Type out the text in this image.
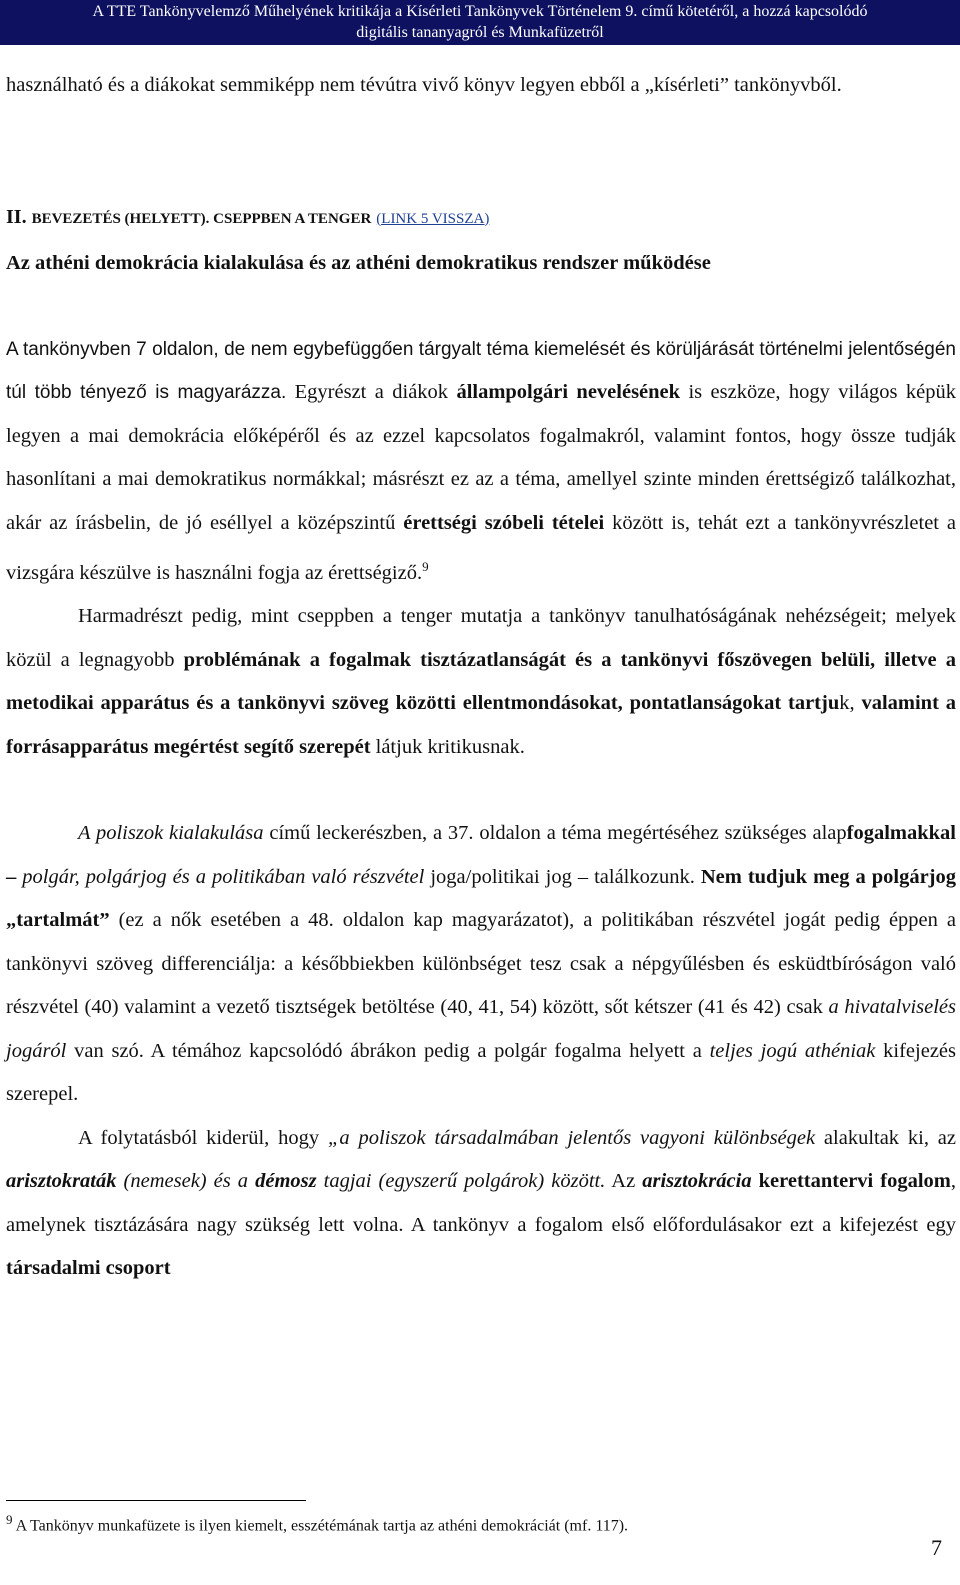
A TTE Tankönyvelemző Műhelyének kritikája a Kísérleti Tankönyvek Történelem 9. című kötetéről, a hozzá kapcsolódó
digitális tananyagról és Munkafüzetről

használható és a diákokat semmiképp nem tévútra vivő könyv legyen ebből a „kísérleti” tankönyvből.

II. BEVEZETÉS (HELYETT). CSEPPBEN A TENGER (LINK 5 VISSZA)
Az athéni demokrácia kialakulása és az athéni demokratikus rendszer működése

A tankönyvben 7 oldalon, de nem egybefüggően tárgyalt téma kiemelését és körüljárását történelmi jelentőségén túl több tényező is magyarázza. Egyrészt a diákok állampolgári nevelésének is eszköze, hogy világos képük legyen a mai demokrácia előképéről és az ezzel kapcsolatos fogalmakról, valamint fontos, hogy össze tudják hasonlítani a mai demokratikus normákkal; másrészt ez az a téma, amellyel szinte minden érettségiző találkozhat, akár az írásbelin, de jó eséllyel a középszintű érettségi szóbeli tételei között is, tehát ezt a tankönyvrészletet a vizsgára készülve is használni fogja az érettségiző.$^9$

Harmadrészt pedig, mint cseppben a tenger mutatja a tankönyv tanulhatóságának nehézségeit; melyek közül a legnagyobb problémának a fogalmak tisztázatlanságát és a tankönyvi főszövegen belüli, illetve a metodikai apparátus és a tankönyvi szöveg közötti ellentmondásokat, pontatlanságokat tartjuk, valamint a forrásapparátus megértést segítő szerepét látjuk kritikusnak.

A poliszok kialakulása című leckerészben, a 37. oldalon a téma megértéséhez szükséges alapfogalmakkal – polgár, polgárjog és a politikában való részvétel joga/politikai jog – találkozunk. Nem tudjuk meg a polgárjog „tartalmát” (ez a nők esetében a 48. oldalon kap magyarázatot), a politikában részvétel jogát pedig éppen a tankönyvi szöveg differenciálja: a későbbiekben különbséget tesz csak a népgyűlésben és esküdtbíróságon való részvétel (40) valamint a vezető tisztségek betöltése (40, 41, 54) között, sőt kétszer (41 és 42) csak a hivatalviselés jogáról van szó. A témához kapcsolódó ábrákon pedig a polgár fogalma helyett a teljes jogú athéniak kifejezés szerepel.

A folytatásból kiderül, hogy „a poliszok társadalmában jelentős vagyoni különbségek alakultak ki, az arisztokraták (nemesek) és a démosz tagjai (egyszerű polgárok) között. Az arisztokrácia kerettantervi fogalom, amelynek tisztázására nagy szükség lett volna. A tankönyv a fogalom első előfordulásakor ezt a kifejezést egy társadalmi csoport

$^9$ A Tankönyv munkafüzete is ilyen kiemelt, esszétémának tartja az athéni demokráciát (mf. 117).
7
